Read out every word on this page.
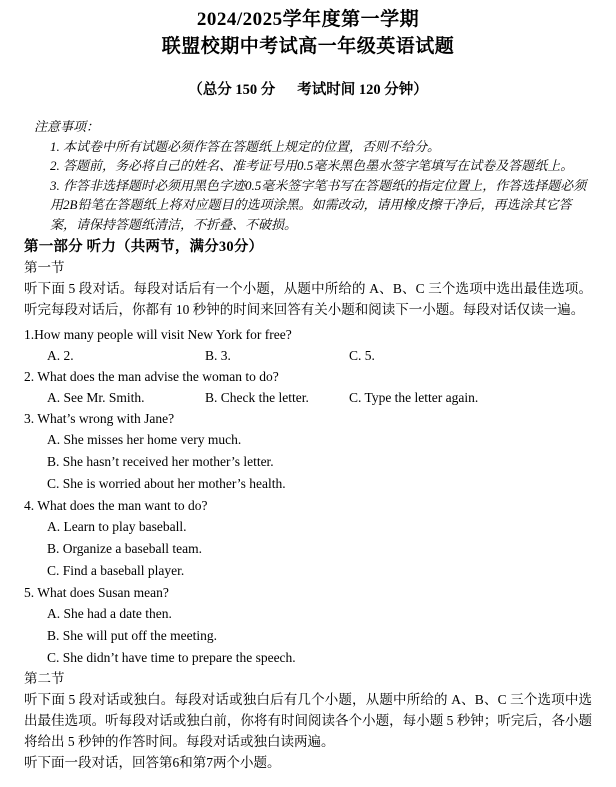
2024/2025学年度第一学期
联盟校期中考试高一年级英语试题
（总分 150 分 考试时间 120 分钟）
注意事项：
1. 本试卷中所有试题必须作答在答题纸上规定的位置，否则不给分。
2. 答题前，务必将自己的姓名、准考证号用0.5毫米黑色墨水签字笔填写在试卷及答题纸上。
3. 作答非选择题时必须用黑色字迹0.5毫米签字笔书写在答题纸的指定位置上，作答选择题必须用2B铅笔在答题纸上将对应题目的选项涂黑。如需改动，请用橡皮擦干净后，再选涂其它答案，请保持答题纸清洁，不折叠、不破损。
第一部分 听力（共两节，满分30分）
第一节
听下面 5 段对话。每段对话后有一个小题，从题中所给的 A、B、C 三个选项中选出最佳选项。听完每段对话后，你都有 10 秒钟的时间来回答有关小题和阅读下一小题。每段对话仅读一遍。
1.How many people will visit New York for free?
A. 2.	B. 3.	C. 5.
2. What does the man advise the woman to do?
A. See Mr. Smith.	B. Check the letter.	C. Type the letter again.
3. What’s wrong with Jane?
A. She misses her home very much.
B. She hasn’t received her mother’s letter.
C. She is worried about her mother’s health.
4. What does the man want to do?
A. Learn to play baseball.
B. Organize a baseball team.
C. Find a baseball player.
5. What does Susan mean?
A. She had a date then.
B. She will put off the meeting.
C. She didn’t have time to prepare the speech.
第二节
听下面 5 段对话或独白。每段对话或独白后有几个小题，从题中所给的 A、B、C 三个选项中选出最佳选项。听每段对话或独白前，你将有时间阅读各个小题，每小题 5 秒钟；听完后，各小题将给出 5 秒钟的作答时间。每段对话或独白读两遍。
听下面一段对话，回答第6和第7两个小题。
